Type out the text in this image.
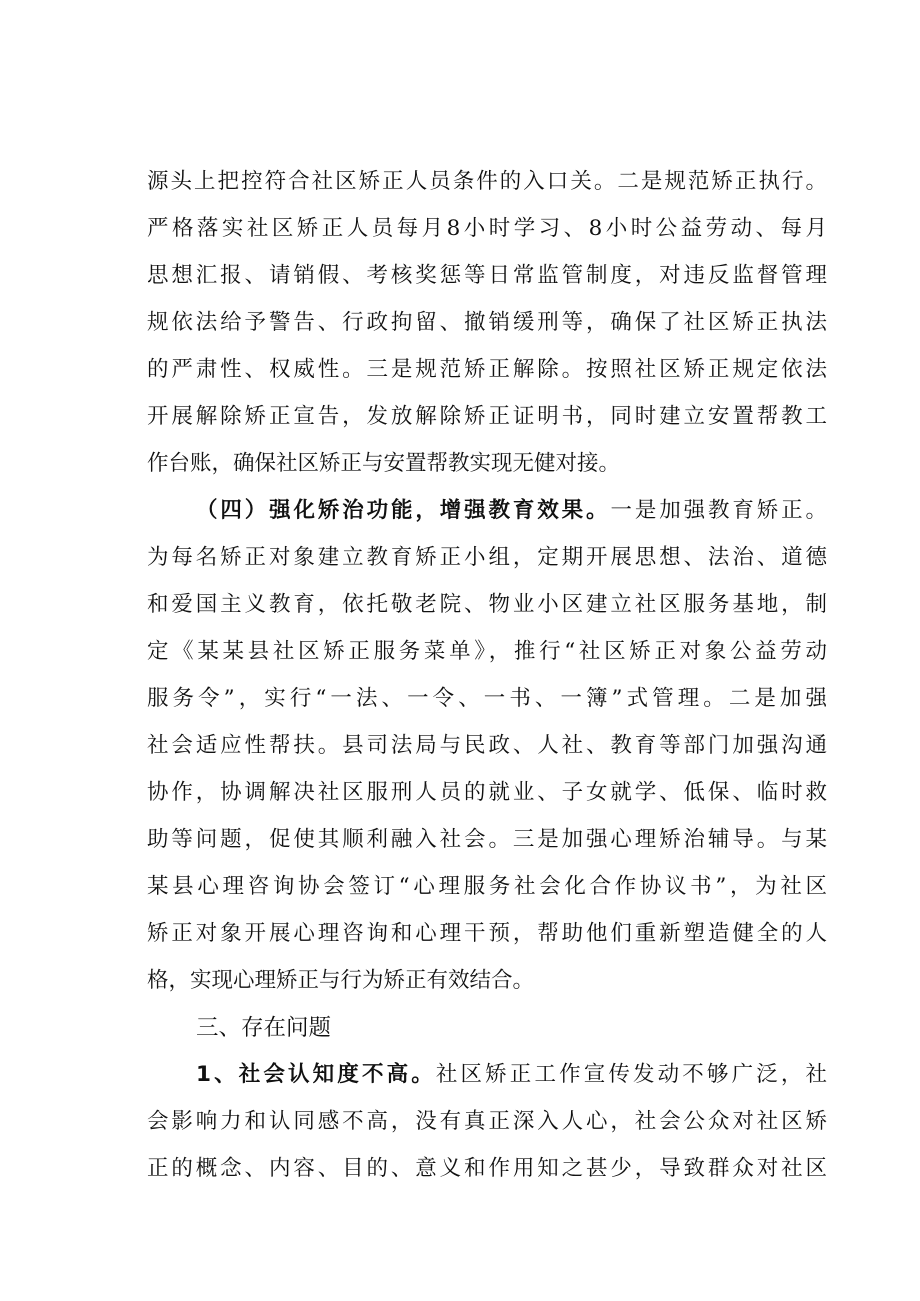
源头上把控符合社区矫正人员条件的入口关。二是规范矫正执行。
严格落实社区矫正人员每月8小时学习、8小时公益劳动、每月
思想汇报、请销假、考核奖惩等日常监管制度，对违反监督管理
规依法给予警告、行政拘留、撤销缓刑等，确保了社区矫正执法
的严肃性、权威性。三是规范矫正解除。按照社区矫正规定依法
开展解除矫正宣告，发放解除矫正证明书，同时建立安置帮教工
作台账，确保社区矫正与安置帮教实现无健对接。
（四）强化矫治功能，增强教育效果。一是加强教育矫正。
为每名矫正对象建立教育矫正小组，定期开展思想、法治、道德
和爱国主义教育，依托敬老院、物业小区建立社区服务基地，制
定《某某县社区矫正服务菜单》，推行“社区矫正对象公益劳动
服务令”，实行“一法、一令、一书、一簿”式管理。二是加强
社会适应性帮扶。县司法局与民政、人社、教育等部门加强沟通
协作，协调解决社区服刑人员的就业、子女就学、低保、临时救
助等问题，促使其顺利融入社会。三是加强心理矫治辅导。与某
某县心理咨询协会签订“心理服务社会化合作协议书”，为社区
矫正对象开展心理咨询和心理干预，帮助他们重新塑造健全的人
格，实现心理矫正与行为矫正有效结合。
三、存在问题
1、社会认知度不高。社区矫正工作宣传发动不够广泛，社
会影响力和认同感不高，没有真正深入人心，社会公众对社区矫
正的概念、内容、目的、意义和作用知之甚少，导致群众对社区
